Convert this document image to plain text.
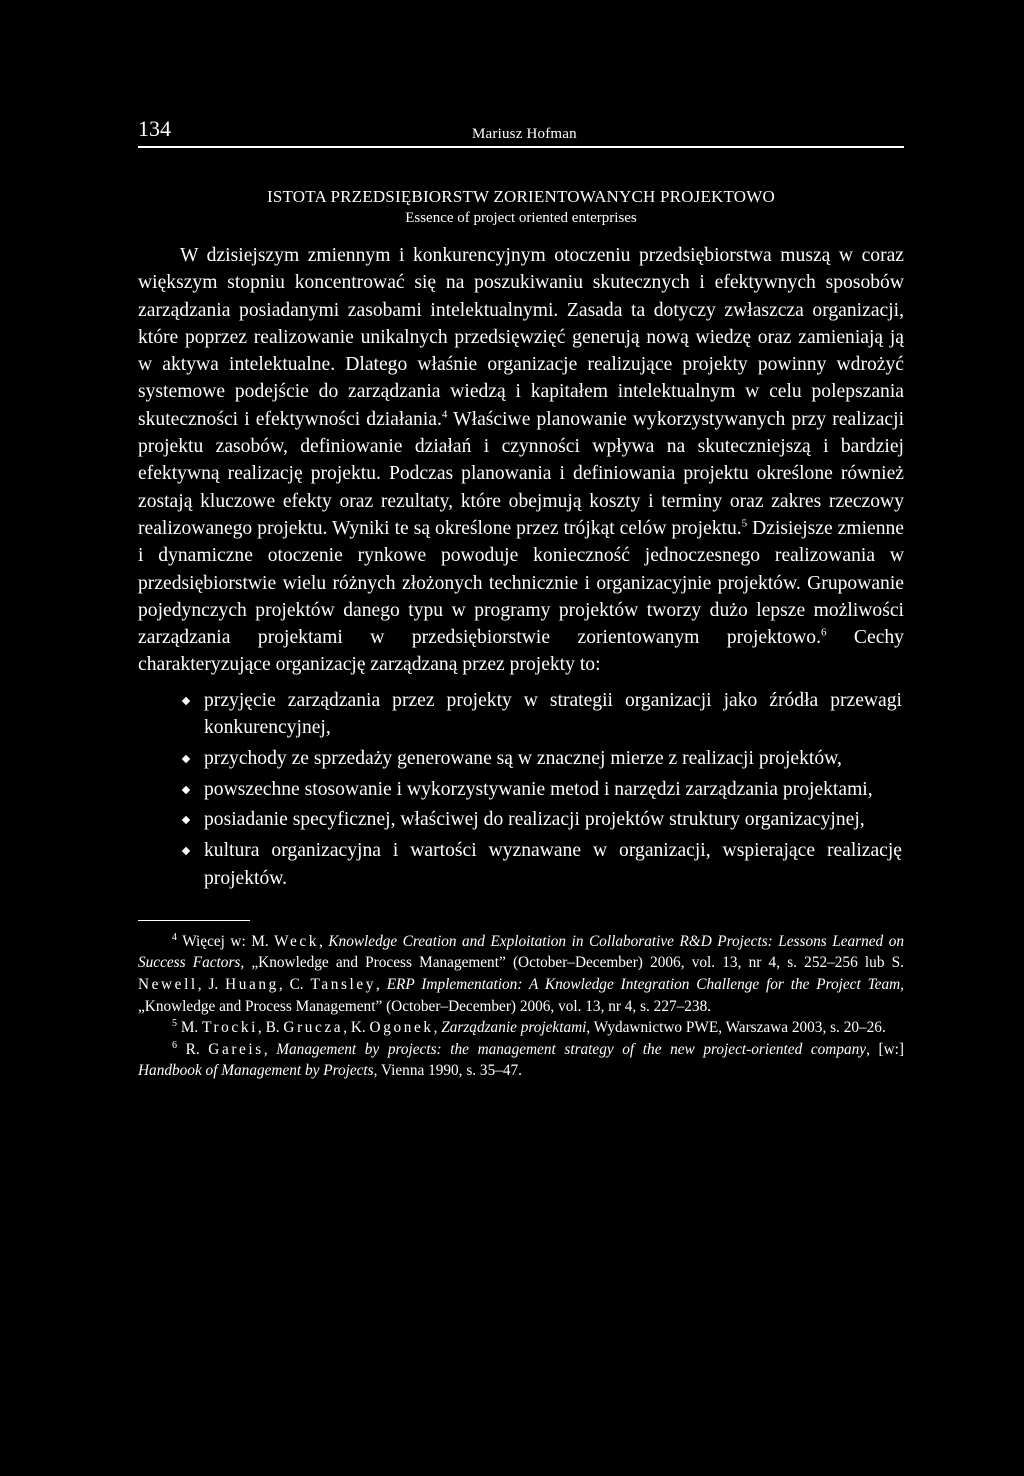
134	Mariusz Hofman
ISTOTA PRZEDSIĘBIORSTW ZORIENTOWANYCH PROJEKTOWO
Essence of project oriented enterprises

W dzisiejszym zmiennym i konkurencyjnym otoczeniu przedsiębiorstwa muszą w coraz większym stopniu koncentrować się na poszukiwaniu skutecznych i efektywnych sposobów zarządzania posiadanymi zasobami intelektualnymi. Zasada ta dotyczy zwłaszcza organizacji, które poprzez realizowanie unikalnych przedsięwzięć generują nową wiedzę oraz zamieniają ją w aktywa intelektualne. Dlatego właśnie organizacje realizujące projekty powinny wdrożyć systemowe podejście do zarządzania wiedzą i kapitałem intelektualnym w celu polepszania skuteczności i efektywności działania.$^4$ Właściwe planowanie wykorzystywanych przy realizacji projektu zasobów, definiowanie działań i czynności wpływa na skuteczniejszą i bardziej efektywną realizację projektu. Podczas planowania i definiowania projektu określone również zostają kluczowe efekty oraz rezultaty, które obejmują koszty i terminy oraz zakres rzeczowy realizowanego projektu. Wyniki te są określone przez trójkąt celów projektu.$^5$ Dzisiejsze zmienne i dynamiczne otoczenie rynkowe powoduje konieczność jednoczesnego realizowania w przedsiębiorstwie wielu różnych złożonych technicznie i organizacyjnie projektów. Grupowanie pojedynczych projektów danego typu w programy projektów tworzy dużo lepsze możliwości zarządzania projektami w przedsiębiorstwie zorientowanym projektowo.$^6$ Cechy charakteryzujące organizację zarządzaną przez projekty to:

przyjęcie zarządzania przez projekty w strategii organizacji jako źródła przewagi konkurencyjnej,
przychody ze sprzedaży generowane są w znacznej mierze z realizacji projektów,
powszechne stosowanie i wykorzystywanie metod i narzędzi zarządzania projektami,
posiadanie specyficznej, właściwej do realizacji projektów struktury organizacyjnej,
kultura organizacyjna i wartości wyznawane w organizacji, wspierające realizację projektów.

$^4$ Więcej w: M. Weck, Knowledge Creation and Exploitation in Collaborative R&D Projects: Lessons Learned on Success Factors, „Knowledge and Process Management” (October–December) 2006, vol. 13, nr 4, s. 252–256 lub S. Newell, J. Huang, C. Tansley, ERP Implementation: A Knowledge Integration Challenge for the Project Team, „Knowledge and Process Management” (October–December) 2006, vol. 13, nr 4, s. 227–238.

$^5$ M. Trocki, B. Grucza, K. Ogonek, Zarządzanie projektami, Wydawnictwo PWE, Warszawa 2003, s. 20–26.

$^6$ R. Gareis, Management by projects: the management strategy of the new project-oriented company, [w:] Handbook of Management by Projects, Vienna 1990, s. 35–47.
